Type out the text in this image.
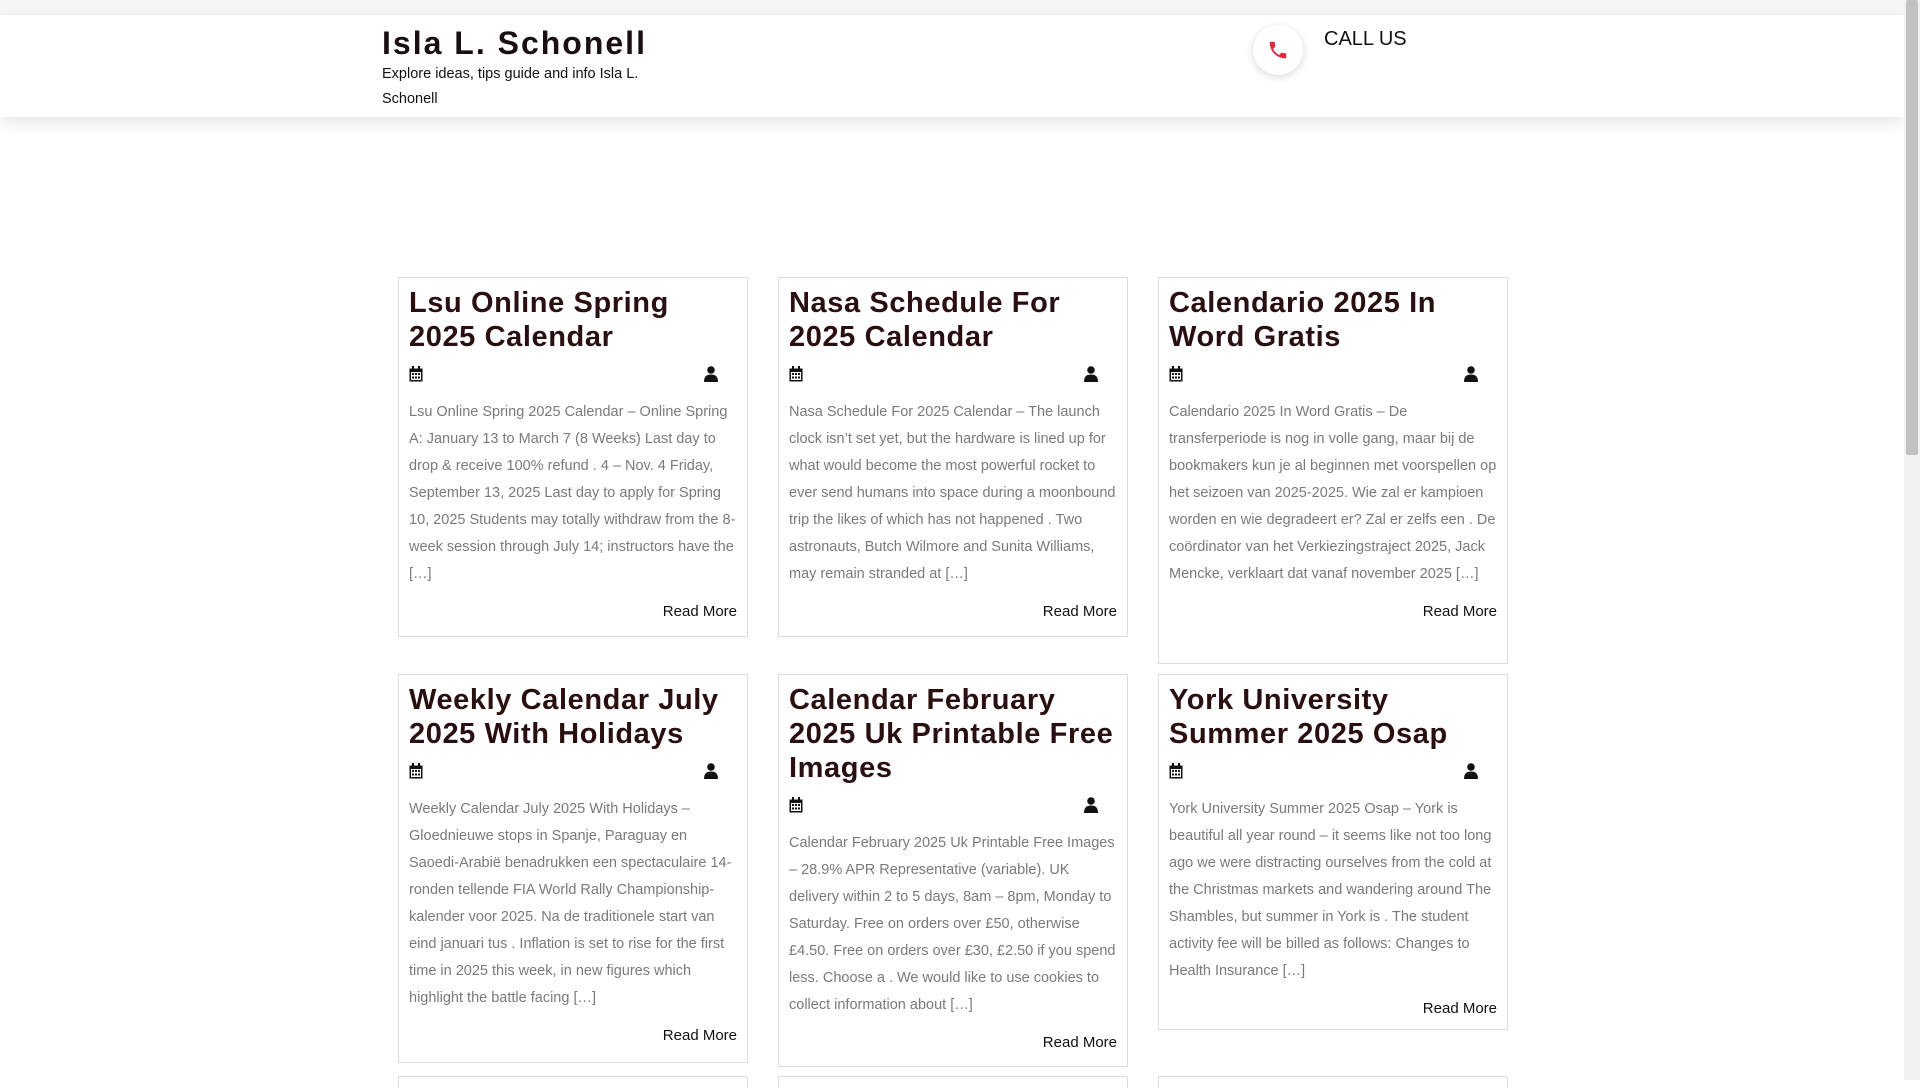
Isla L. Schonell
Explore ideas, tips guide and info Isla L. Schonell
CALL US
Lsu Online Spring 2025 Calendar

Lsu Online Spring 2025 Calendar – Online Spring A: January 13 to March 7 (8 Weeks) Last day to drop & receive 100% refund . 4 – Nov. 4 Friday, September 13, 2025 Last day to apply for Spring 10, 2025 Students may totally withdraw from the 8-week session through July 14; instructors have the […]

Read More
Nasa Schedule For 2025 Calendar

Nasa Schedule For 2025 Calendar – The launch clock isn’t set yet, but the hardware is lined up for what would become the most powerful rocket to ever send humans into space during a moonbound trip the likes of which has not happened . Two astronauts, Butch Wilmore and Sunita Williams, may remain stranded at […]

Read More
Calendario 2025 In Word Gratis

Calendario 2025 In Word Gratis – De transferperiode is nog in volle gang, maar bij de bookmakers kun je al beginnen met voorspellen op het seizoen van 2025-2025. Wie zal er kampioen worden en wie degradeert er? Zal er zelfs een . De coördinator van het Verkiezingstraject 2025, Jack Mencke, verklaart dat vanaf november 2025 […]

Read More
Weekly Calendar July 2025 With Holidays

Weekly Calendar July 2025 With Holidays – Gloednieuwe stops in Spanje, Paraguay en Saoedi-Arabië benadrukken een spectaculaire 14-ronden tellende FIA World Rally Championship-kalender voor 2025. Na de traditionele start van eind januari tus . Inflation is set to rise for the first time in 2025 this week, in new figures which highlight the battle facing […]

Read More
Calendar February 2025 Uk Printable Free Images

Calendar February 2025 Uk Printable Free Images – 28.9% APR Representative (variable). UK delivery within 2 to 5 days, 8am – 8pm, Monday to Saturday. Free on orders over £50, otherwise £4.50. Free on orders over £30, £2.50 if you spend less. Choose a . We would like to use cookies to collect information about […]

Read More
York University Summer 2025 Osap

York University Summer 2025 Osap – York is beautiful all year round – it seems like not too long ago we were distracting ourselves from the cold at the Christmas markets and wandering around The Shambles, but summer in York is . The student activity fee will be billed as follows: Changes to Health Insurance […]

Read More
